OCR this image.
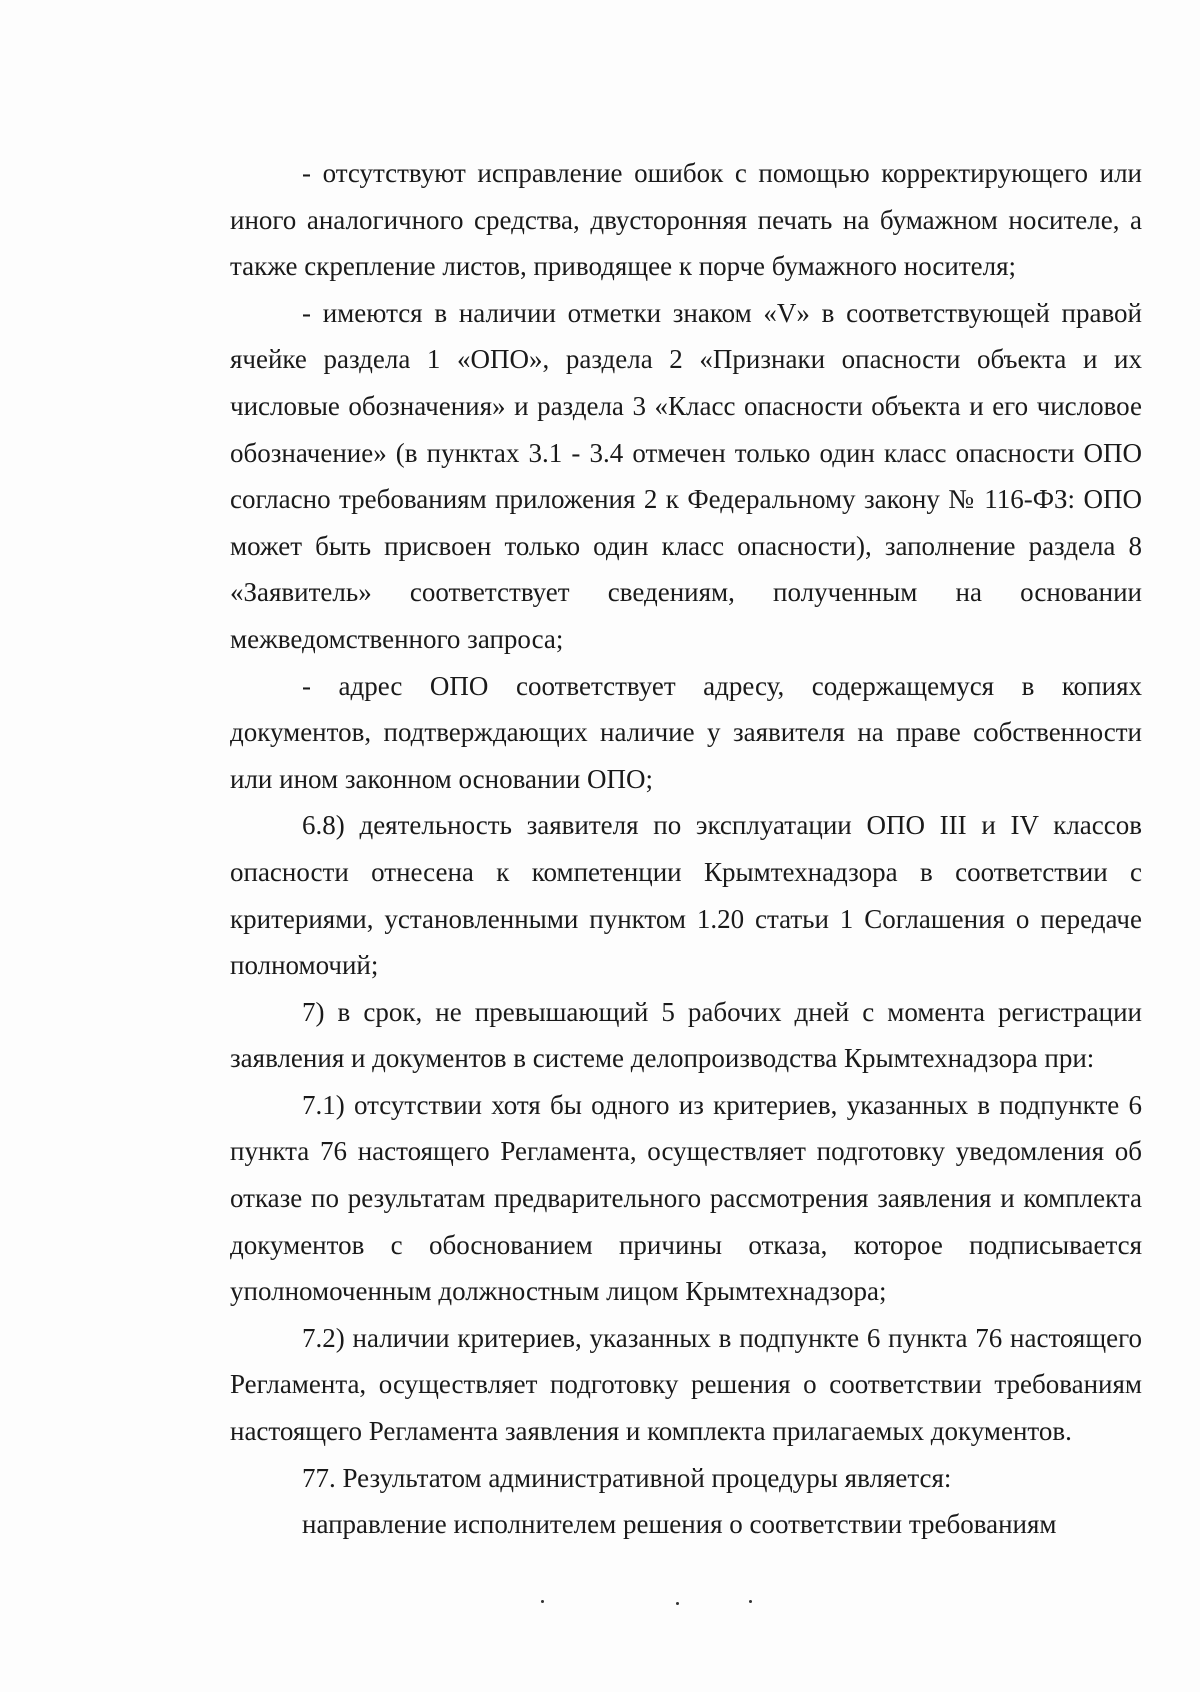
- отсутствуют исправление ошибок с помощью корректирующего или иного аналогичного средства, двусторонняя печать на бумажном носителе, а также скрепление листов, приводящее к порче бумажного носителя;

- имеются в наличии отметки знаком «V» в соответствующей правой ячейке раздела 1 «ОПО», раздела 2 «Признаки опасности объекта и их числовые обозначения» и раздела 3 «Класс опасности объекта и его числовое обозначение» (в пунктах 3.1 - 3.4 отмечен только один класс опасности ОПО согласно требованиям приложения 2 к Федеральному закону № 116-ФЗ: ОПО может быть присвоен только один класс опасности), заполнение раздела 8 «Заявитель» соответствует сведениям, полученным на основании межведомственного запроса;

- адрес ОПО соответствует адресу, содержащемуся в копиях документов, подтверждающих наличие у заявителя на праве собственности или ином законном основании ОПО;

6.8) деятельность заявителя по эксплуатации ОПО III и IV классов опасности отнесена к компетенции Крымтехнадзора в соответствии с критериями, установленными пунктом 1.20 статьи 1 Соглашения о передаче полномочий;

7) в срок, не превышающий 5 рабочих дней с момента регистрации заявления и документов в системе делопроизводства Крымтехнадзора при:

7.1) отсутствии хотя бы одного из критериев, указанных в подпункте 6 пункта 76 настоящего Регламента, осуществляет подготовку уведомления об отказе по результатам предварительного рассмотрения заявления и комплекта документов с обоснованием причины отказа, которое подписывается уполномоченным должностным лицом Крымтехнадзора;

7.2) наличии критериев, указанных в подпункте 6 пункта 76 настоящего Регламента, осуществляет подготовку решения о соответствии требованиям настоящего Регламента заявления и комплекта прилагаемых документов.

77. Результатом административной процедуры является:

направление исполнителем решения о соответствии требованиям
